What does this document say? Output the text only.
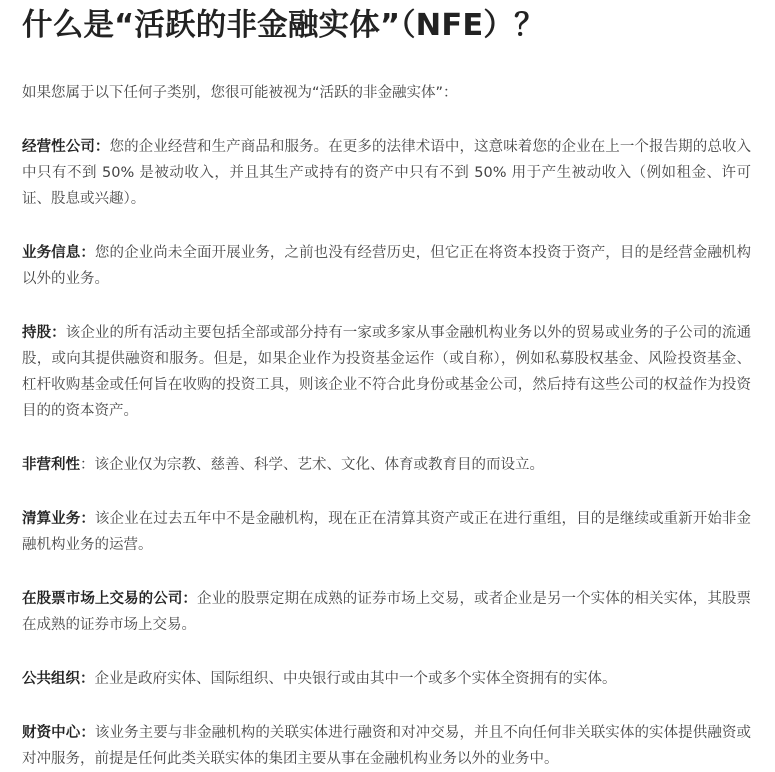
什么是“活跃的非金融实体”（NFE）？

如果您属于以下任何子类别，您很可能被视为“活跃的非金融实体”：

经营性公司：您的企业经营和生产商品和服务。在更多的法律术语中，这意味着您的企业在上一个报告期的总收入中只有不到 50% 是被动收入，并且其生产或持有的资产中只有不到 50% 用于产生被动收入（例如租金、许可证、股息或兴趣）。

业务信息：您的企业尚未全面开展业务，之前也没有经营历史，但它正在将资本投资于资产，目的是经营金融机构以外的业务。

持股：该企业的所有活动主要包括全部或部分持有一家或多家从事金融机构业务以外的贸易或业务的子公司的流通股，或向其提供融资和服务。但是，如果企业作为投资基金运作（或自称），例如私募股权基金、风险投资基金、杠杆收购基金或任何旨在收购的投资工具，则该企业不符合此身份或基金公司，然后持有这些公司的权益作为投资目的的资本资产。

非营利性：该企业仅为宗教、慈善、科学、艺术、文化、体育或教育目的而设立。

清算业务：该企业在过去五年中不是金融机构，现在正在清算其资产或正在进行重组，目的是继续或重新开始非金融机构业务的运营。

在股票市场上交易的公司：企业的股票定期在成熟的证券市场上交易，或者企业是另一个实体的相关实体，其股票在成熟的证券市场上交易。

公共组织：企业是政府实体、国际组织、中央银行或由其中一个或多个实体全资拥有的实体。

财资中心：该业务主要与非金融机构的关联实体进行融资和对冲交易，并且不向任何非关联实体的实体提供融资或对冲服务，前提是任何此类关联实体的集团主要从事在金融机构业务以外的业务中。
